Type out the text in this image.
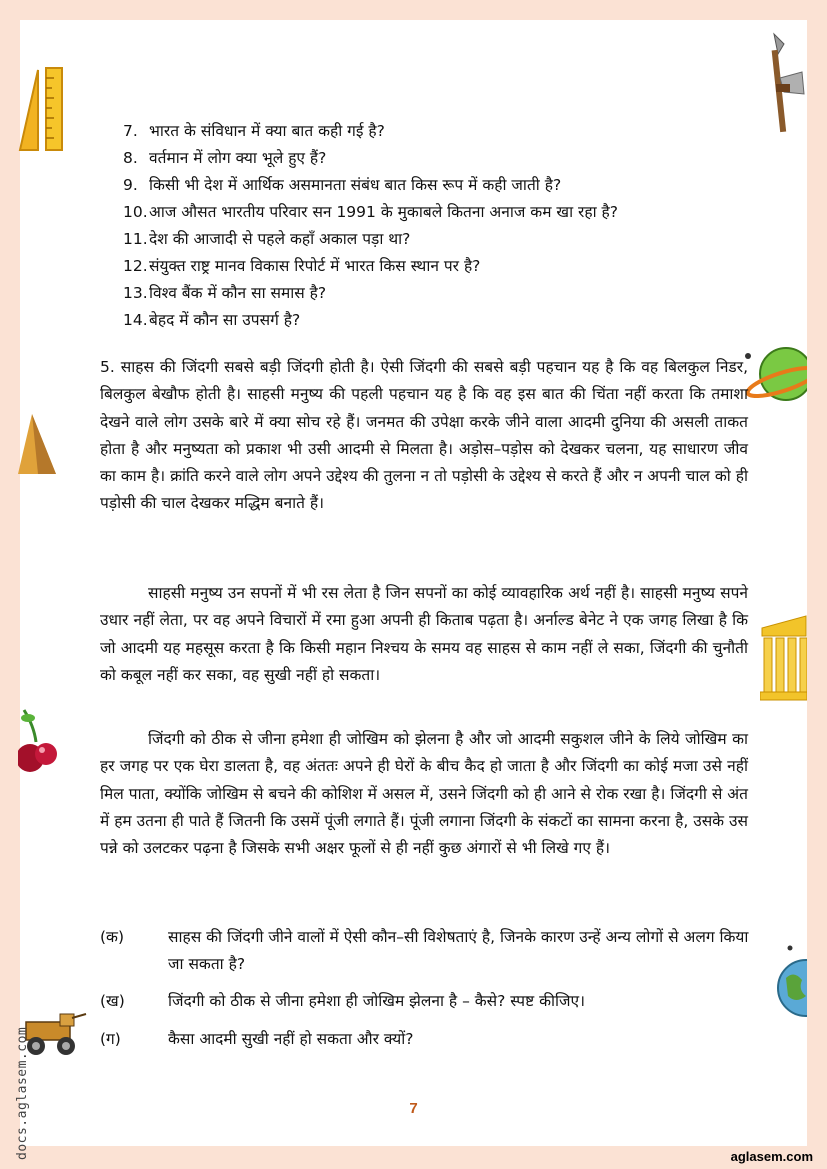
7. भारत के संविधान में क्या बात कही गई है?
8. वर्तमान में लोग क्या भूले हुए हैं?
9. किसी भी देश में आर्थिक असमानता संबंध बात किस रूप में कही जाती है?
10. आज औसत भारतीय परिवार सन 1991 के मुकाबले कितना अनाज कम खा रहा है?
11. देश की आजादी से पहले कहाँ अकाल पड़ा था?
12. संयुक्त राष्ट्र मानव विकास रिपोर्ट में भारत किस स्थान पर है?
13. विश्व बैंक में कौन सा समास है?
14. बेहद में कौन सा उपसर्ग है?

5. साहस की जिंदगी सबसे बड़ी जिंदगी होती है। ऐसी जिंदगी की सबसे बड़ी पहचान यह है कि वह बिलकुल निडर, बिलकुल बेखौफ होती है। साहसी मनुष्य की पहली पहचान यह है कि वह इस बात की चिंता नहीं करता कि तमाशा देखने वाले लोग उसके बारे में क्या सोच रहे हैं। जनमत की उपेक्षा करके जीने वाला आदमी दुनिया की असली ताकत होता है और मनुष्यता को प्रकाश भी उसी आदमी से मिलता है। अड़ोस–पड़ोस को देखकर चलना, यह साधारण जीव का काम है। क्रांति करने वाले लोग अपने उद्देश्य की तुलना न तो पड़ोसी के उद्देश्य से करते हैं और न अपनी चाल को ही पड़ोसी की चाल देखकर मद्धिम बनाते हैं।

साहसी मनुष्य उन सपनों में भी रस लेता है जिन सपनों का कोई व्यावहारिक अर्थ नहीं है। साहसी मनुष्य सपने उधार नहीं लेता, पर वह अपने विचारों में रमा हुआ अपनी ही किताब पढ़ता है। अर्नाल्ड बेनेट ने एक जगह लिखा है कि जो आदमी यह महसूस करता है कि किसी महान निश्चय के समय वह साहस से काम नहीं ले सका, जिंदगी की चुनौती को कबूल नहीं कर सका, वह सुखी नहीं हो सकता।

जिंदगी को ठीक से जीना हमेशा ही जोखिम को झेलना है और जो आदमी सकुशल जीने के लिये जोखिम का हर जगह पर एक घेरा डालता है, वह अंततः अपने ही घेरों के बीच कैद हो जाता है और जिंदगी का कोई मजा उसे नहीं मिल पाता, क्योंकि जोखिम से बचने की कोशिश में असल में, उसने जिंदगी को ही आने से रोक रखा है। जिंदगी से अंत में हम उतना ही पाते हैं जितनी कि उसमें पूंजी लगाते हैं। पूंजी लगाना जिंदगी के संकटों का सामना करना है, उसके उस पन्ने को उलटकर पढ़ना है जिसके सभी अक्षर फूलों से ही नहीं कुछ अंगारों से भी लिखे गए हैं।

(क)	साहस की जिंदगी जीने वालों में ऐसी कौन–सी विशेषताएं है, जिनके कारण उन्हें अन्य लोगों से अलग किया जा सकता है?
(ख)	जिंदगी को ठीक से जीना हमेशा ही जोखिम झेलना है – कैसे? स्पष्ट कीजिए।
(ग)	कैसा आदमी सुखी नहीं हो सकता और क्यों?
7
docs.aglasem.com	aglasem.com
